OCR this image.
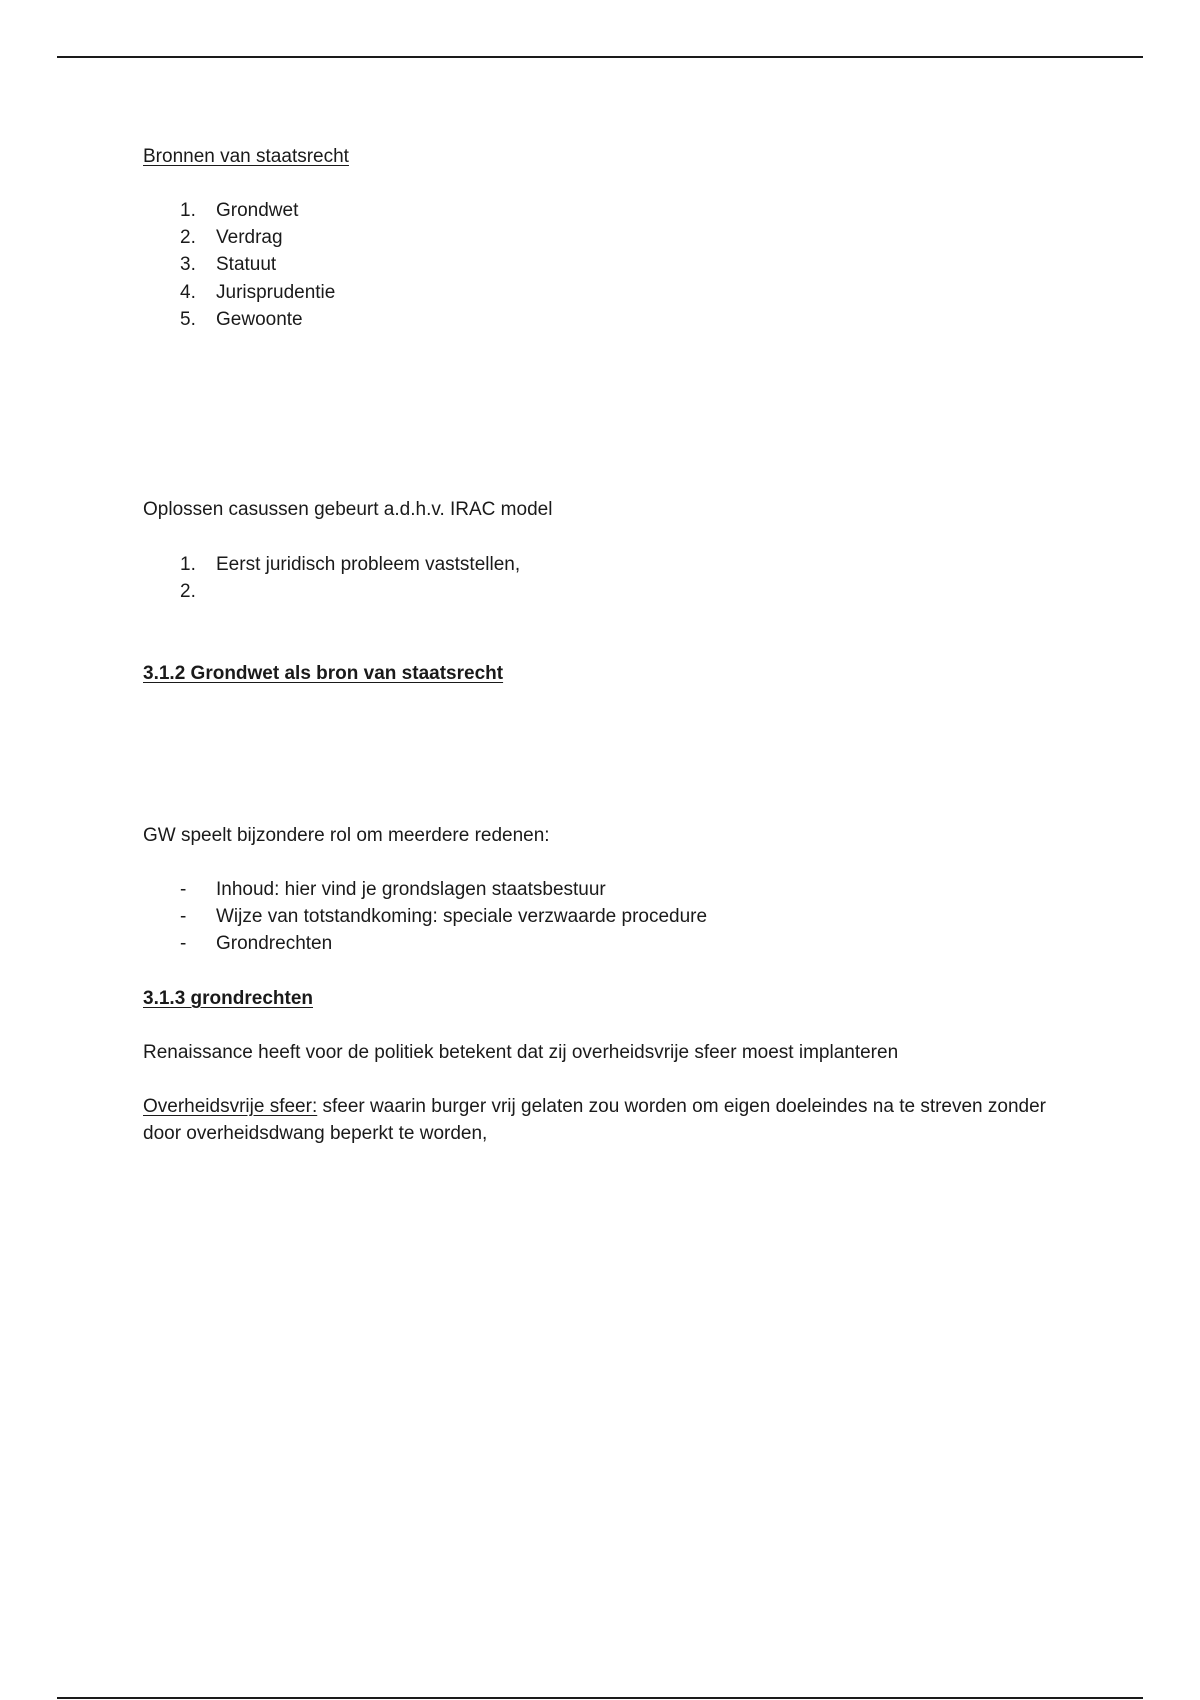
Bronnen van staatsrecht
1. Grondwet
2. Verdrag
3. Statuut
4. Jurisprudentie
5. Gewoonte
Oplossen casussen gebeurt a.d.h.v. IRAC model
1. Eerst juridisch probleem vaststellen,
2.
3.1.2 Grondwet als bron van staatsrecht
GW speelt bijzondere rol om meerdere redenen:
- Inhoud: hier vind je grondslagen staatsbestuur
- Wijze van totstandkoming: speciale verzwaarde procedure
- Grondrechten
3.1.3 grondrechten
Renaissance heeft voor de politiek betekent dat zij overheidsvrije sfeer moest implanteren
Overheidsvrije sfeer: sfeer waarin burger vrij gelaten zou worden om eigen doeleindes na te streven zonder door overheidsdwang beperkt te worden,
